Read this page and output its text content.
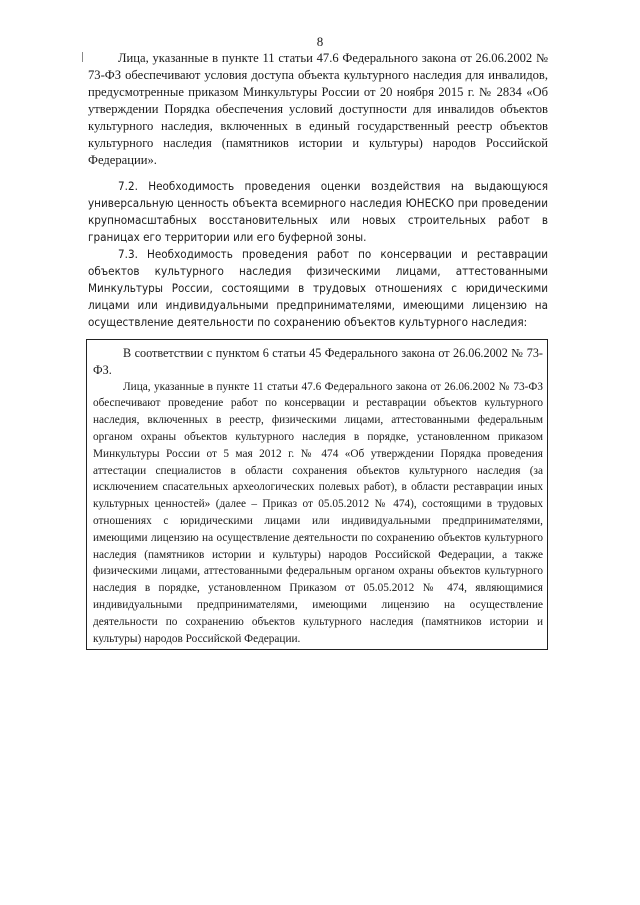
8

Лица, указанные в пункте 11 статьи 47.6 Федерального закона от 26.06.2002 № 73-ФЗ обеспечивают условия доступа объекта культурного наследия для инвалидов, предусмотренные приказом Минкультуры России от 20 ноября 2015 г. № 2834 «Об утверждении Порядка обеспечения условий доступности для инвалидов объектов культурного наследия, включенных в единый государственный реестр объектов культурного наследия (памятников истории и культуры) народов Российской Федерации».

7.2. Необходимость проведения оценки воздействия на выдающуюся универсальную ценность объекта всемирного наследия ЮНЕСКО при проведении крупномасштабных восстановительных или новых строительных работ в границах его территории или его буферной зоны.

7.3. Необходимость проведения работ по консервации и реставрации объектов культурного наследия физическими лицами, аттестованными Минкультуры России, состоящими в трудовых отношениях с юридическими лицами или индивидуальными предпринимателями, имеющими лицензию на осуществление деятельности по сохранению объектов культурного наследия:

В соответствии с пунктом 6 статьи 45 Федерального закона от 26.06.2002 № 73-ФЗ.

Лица, указанные в пункте 11 статьи 47.6 Федерального закона от 26.06.2002 № 73-ФЗ обеспечивают проведение работ по консервации и реставрации объектов культурного наследия, включенных в реестр, физическими лицами, аттестованными федеральным органом охраны объектов культурного наследия в порядке, установленном приказом Минкультуры России от 5 мая 2012 г. № 474 «Об утверждении Порядка проведения аттестации специалистов в области сохранения объектов культурного наследия (за исключением спасательных археологических полевых работ), в области реставрации иных культурных ценностей» (далее – Приказ от 05.05.2012 № 474), состоящими в трудовых отношениях с юридическими лицами или индивидуальными предпринимателями, имеющими лицензию на осуществление деятельности по сохранению объектов культурного наследия (памятников истории и культуры) народов Российской Федерации, а также физическими лицами, аттестованными федеральным органом охраны объектов культурного наследия в порядке, установленном Приказом от 05.05.2012 № 474, являющимися индивидуальными предпринимателями, имеющими лицензию на осуществление деятельности по сохранению объектов культурного наследия (памятников истории и культуры) народов Российской Федерации.
